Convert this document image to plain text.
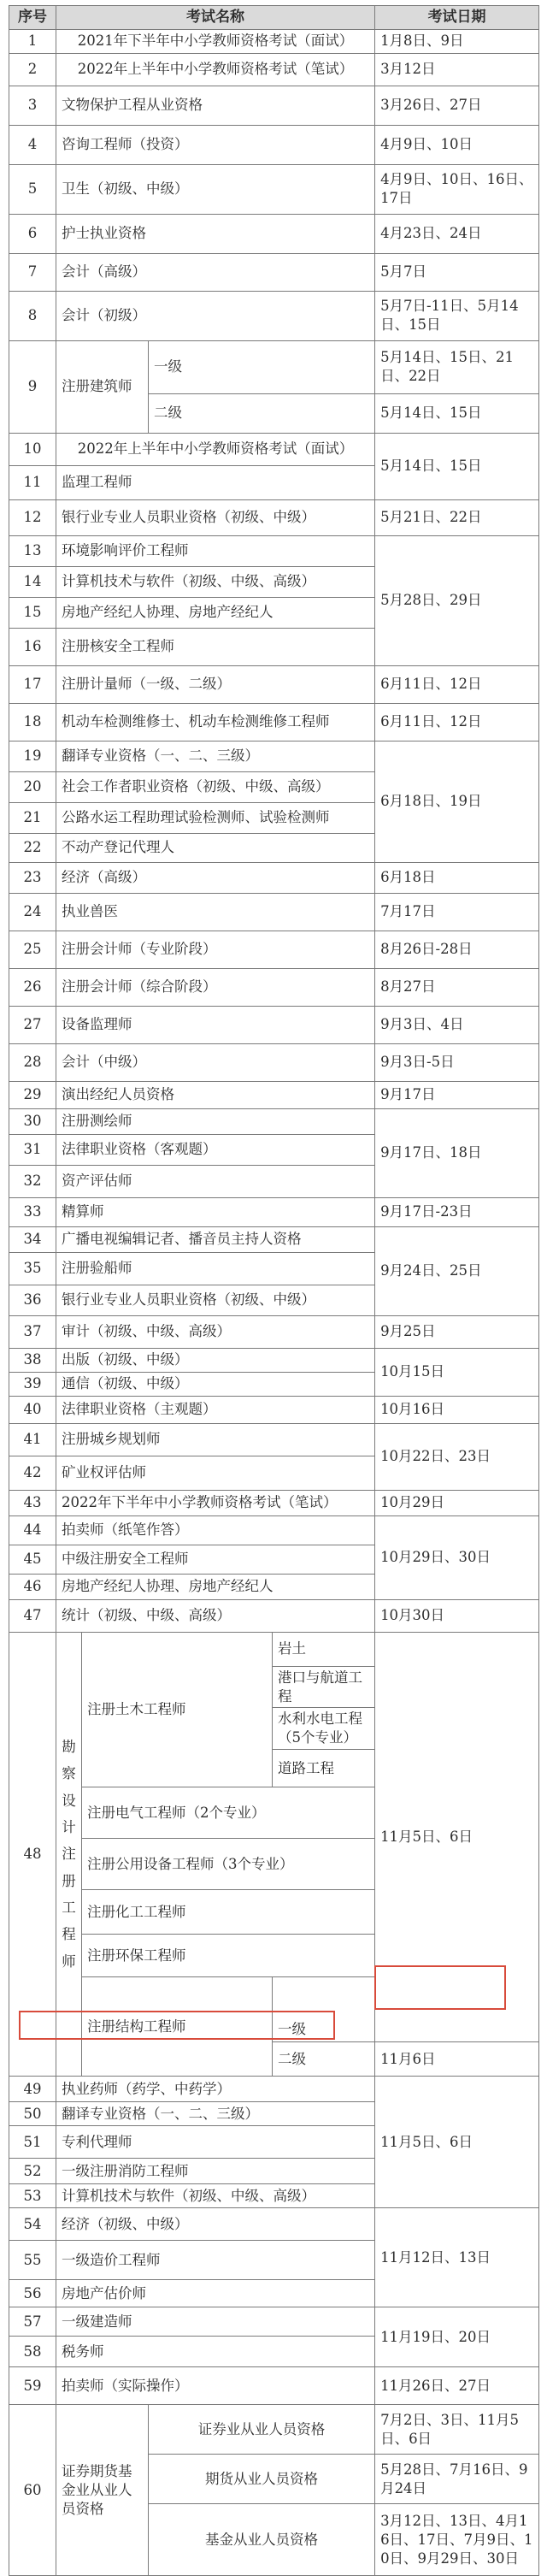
序号	考试名称				考试日期
1	2021年下半年中小学教师资格考试（面试）				1月8日、9日
2	2022年上半年中小学教师资格考试（笔试）				3月12日
3	文物保护工程从业资格				3月26日、27日
4	咨询工程师（投资）				4月9日、10日
5	卫生（初级、中级）				4月9日、10日、16日、17日
6	护士执业资格				4月23日、24日
7	会计（高级）				5月7日
8	会计（初级）				5月7日-11日、5月14日、15日
9	注册建筑师		一级		5月14日、15日、21日、22日
			二级		5月14日、15日
10	2022年上半年中小学教师资格考试（面试）				5月14日、15日
11	监理工程师				
12	银行业专业人员职业资格（初级、中级）				5月21日、22日
13	环境影响评价工程师				5月28日、29日
14	计算机技术与软件（初级、中级、高级）				
15	房地产经纪人协理、房地产经纪人				
16	注册核安全工程师				
17	注册计量师（一级、二级）				6月11日、12日
18	机动车检测维修士、机动车检测维修工程师				6月11日、12日
19	翻译专业资格（一、二、三级）				6月18日、19日
20	社会工作者职业资格（初级、中级、高级）				
21	公路水运工程助理试验检测师、试验检测师				
22	不动产登记代理人				
23	经济（高级）				6月18日
24	执业兽医				7月17日
25	注册会计师（专业阶段）				8月26日-28日
26	注册会计师（综合阶段）				8月27日
27	设备监理师				9月3日、4日
28	会计（中级）				9月3日-5日
29	演出经纪人员资格				9月17日
30	注册测绘师				9月17日、18日
31	法律职业资格（客观题）				
32	资产评估师				
33	精算师				9月17日-23日
34	广播电视编辑记者、播音员主持人资格				9月24日、25日
35	注册验船师				
36	银行业专业人员职业资格（初级、中级）				
37	审计（初级、中级、高级）				9月25日
38	出版（初级、中级）				10月15日
39	通信（初级、中级）				
40	法律职业资格（主观题）				10月16日
41	注册城乡规划师				10月22日、23日
42	矿业权评估师				
43	2022年下半年中小学教师资格考试（笔试）				10月29日
44	拍卖师（纸笔作答）				10月29日、30日
45	中级注册安全工程师				
46	房地产经纪人协理、房地产经纪人				
47	统计（初级、中级、高级）				10月30日
48	勘察设计注册工程师	注册土木工程师		岩土	11月5日、6日
				港口与航道工程	
				水利水电工程（5个专业）	
				道路工程	
		注册电气工程师（2个专业）			
		注册公用设备工程师（3个专业）			
		注册化工工程师			
		注册环保工程师			
		注册结构工程师			
				一级	
				二级	11月6日
49	执业药师（药学、中药学）				11月5日、6日
50	翻译专业资格（一、二、三级）				
51	专利代理师				
52	一级注册消防工程师				
53	计算机技术与软件（初级、中级、高级）				
54	经济（初级、中级）				11月12日、13日
55	一级造价工程师				
56	房地产估价师				
57	一级建造师				11月19日、20日
58	税务师				
59	拍卖师（实际操作）				11月26日、27日
60	证券期货基金业从业人员资格		证券业从业人员资格		7月2日、3日、11月5日、6日
			期货从业人员资格		5月28日、7月16日、9月24日
			基金从业人员资格		3月12日、13日、4月16日、17日、7月9日、10日、9月29日、30日
